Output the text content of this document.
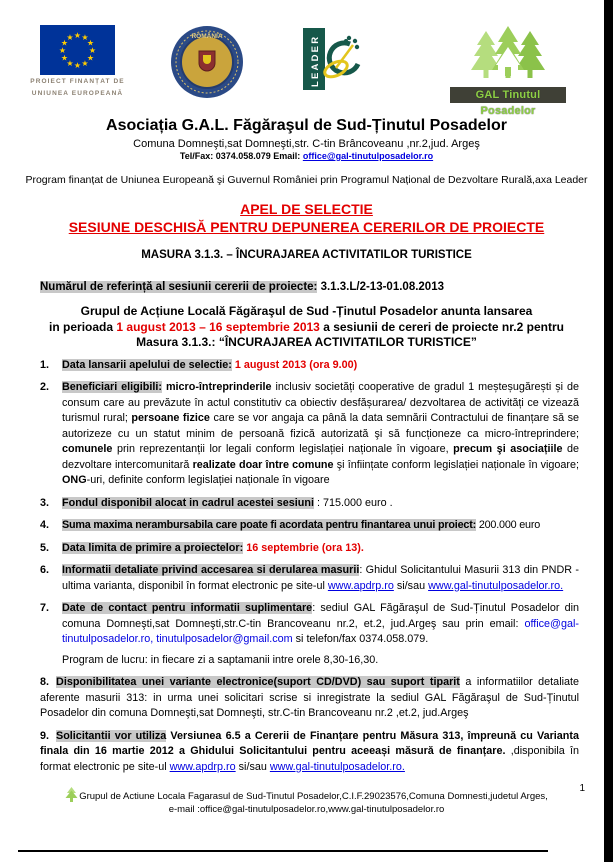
★ ★
★
★
★
★
★
★
★
★
★
★
PROIECT FINANȚAT DE
UNIUNEA EUROPEANĂ
ROMÂNIA	LEADER
GAL Tinutul Posadelor
Asociația G.A.L. Făgăraşul de Sud-Ținutul Posadelor
Comuna Domneşti,sat Domneşti,str. C-tin Brâncoveanu ,nr.2,jud. Argeş
Tel/Fax: 0374.058.079 Email: office@gal-tinutulposadelor.ro
Program finanțat de Uniunea Europeană şi Guvernul României prin Programul Național de Dezvoltare Rurală,axa Leader
APEL DE SELECTIE
SESIUNE DESCHISĂ PENTRU DEPUNEREA CERERILOR DE PROIECTE
MASURA 3.1.3. – ÎNCURAJAREA ACTIVITATILOR TURISTICE
Numărul de referință al sesiunii cererii de proiecte: 3.1.3.L/2-13-01.08.2013
Grupul de Acțiune Locală Făgăraşul de Sud -Ținutul Posadelor anunta lansarea
in perioada 1 august 2013 – 16 septembrie 2013 a sesiunii de cereri de proiecte nr.2 pentru
Masura 3.1.3.: “ÎNCURAJAREA ACTIVITATILOR TURISTICE”
1.	Data lansarii apelului de selectie: 1 august 2013 (ora 9.00)
2.	Beneficiari eligibili: micro-întreprinderile inclusiv societăți cooperative de gradul 1 meșteșugărești și de consum care au prevăzute în actul constitutiv ca obiectiv desfășurarea/ dezvoltarea de activități ce vizează turismul rural; persoane fizice care se vor angaja ca până la data semnării Contractului de finanțare să se autorizeze cu un statut minim de persoană fizică autorizată şi să funcționeze ca micro-întreprindere; comunele prin reprezentanții lor legali conform legislației naționale în vigoare, precum şi asociațiile de dezvoltare intercomunitară realizate doar între comune şi înființate conform legislației naționale în vigoare; ONG-uri, definite conform legislației naționale în vigoare
3.	Fondul disponibil alocat in cadrul acestei sesiuni : 715.000 euro .
4.	Suma maxima nerambursabila care poate fi acordata pentru finantarea unui proiect: 200.000 euro
5.	Data limita de primire a proiectelor: 16 septembrie (ora 13).
6.	Informatii detaliate privind accesarea si derularea masurii: Ghidul Solicitantului Masurii 313 din PNDR - ultima varianta, disponibil în format electronic pe site-ul www.apdrp.ro si/sau www.gal-tinutulposadelor.ro.
7.	Date de contact pentru informatii suplimentare: sediul GAL Făgăraşul de Sud-Ținutul Posadelor din comuna Domneşti,sat Domneşti,str.C-tin Brancoveanu nr.2, et.2, jud.Argeş sau prin email: office@gal-tinutulposadelor.ro, tinutulposadelor@gmail.com si telefon/fax 0374.058.079.
Program de lucru: in fiecare zi a saptamanii intre orele 8,30-16,30.

8. Disponibilitatea unei variante electronice(suport CD/DVD) sau suport tiparit a informatiilor detaliate aferente masurii 313: in urma unei solicitari scrise si inregistrate la sediul GAL Făgăraşul de Sud-Ținutul Posadelor din comuna Domneşti,sat Domneşti, str.C-tin Brancoveanu nr.2 ,et.2, jud.Argeş

9. Solicitantii vor utiliza Versiunea 6.5 a Cererii de Finanțare pentru Măsura 313, împreună cu Varianta finala din 16 martie 2012 a Ghidului Solicitantului pentru aceeași măsură de finanțare. ,disponibila în format electronic pe site-ul www.apdrp.ro si/sau www.gal-tinutulposadelor.ro.

Grupul de Actiune Locala Fagarasul de Sud-Tinutul Posadelor,C.I.F.29023576,Comuna Domnesti,judetul Arges,
e-mail :office@gal-tinutulposadelor.ro,www.gal-tinutulposadelor.ro
1
